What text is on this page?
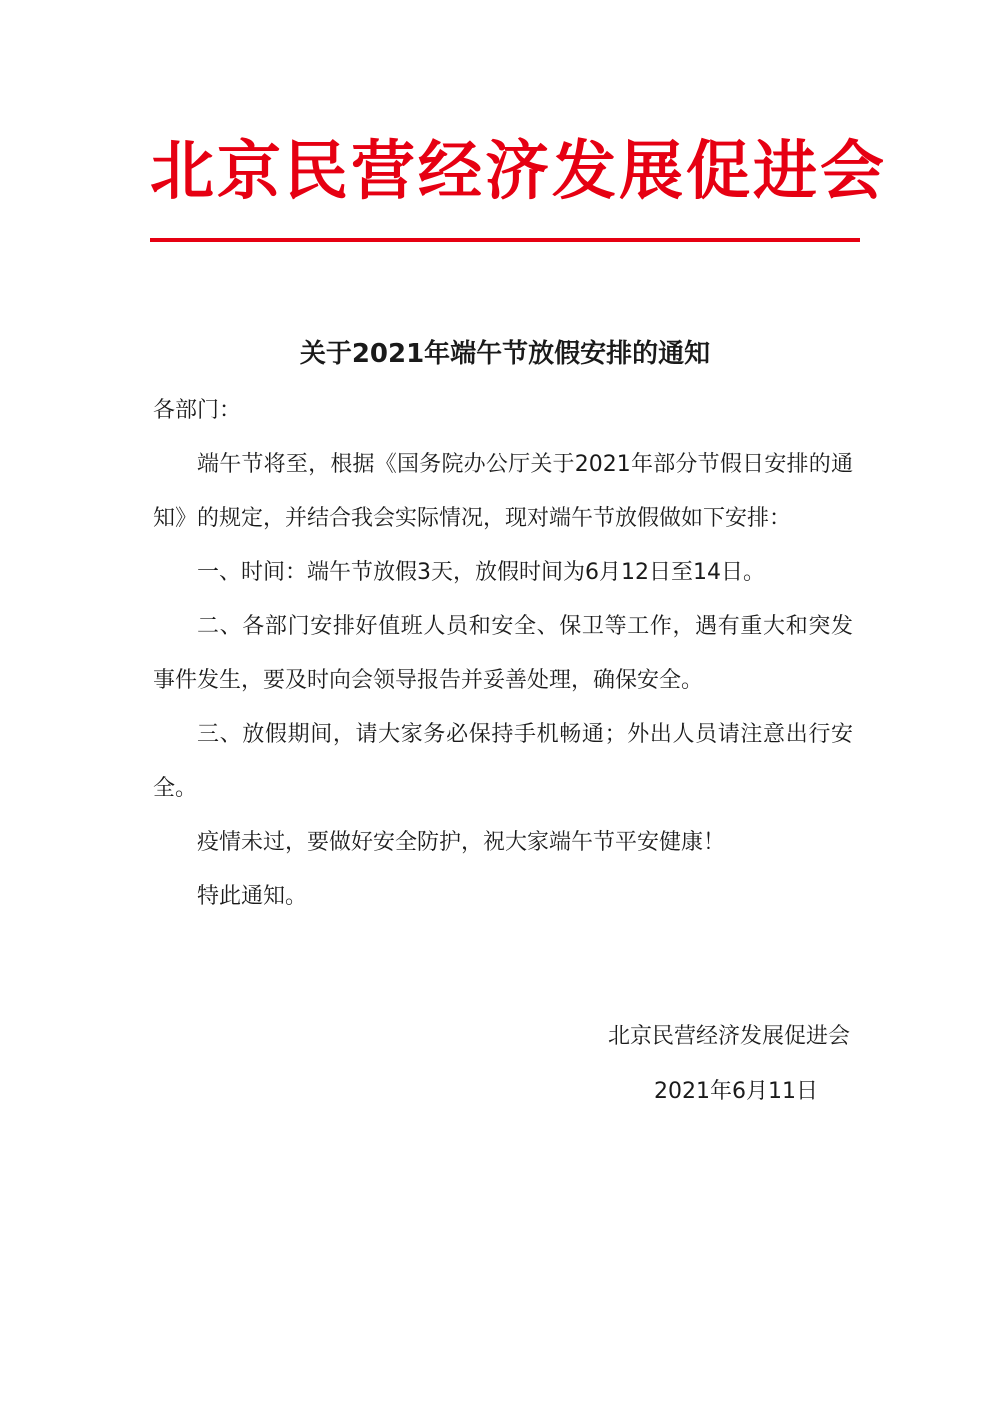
北京民营经济发展促进会
关于2021年端午节放假安排的通知
各部门：

端午节将至，根据《国务院办公厅关于2021年部分节假日安排的通知》的规定，并结合我会实际情况，现对端午节放假做如下安排：

一、时间：端午节放假3天，放假时间为6月12日至14日。

二、各部门安排好值班人员和安全、保卫等工作，遇有重大和突发事件发生，要及时向会领导报告并妥善处理，确保安全。

三、放假期间，请大家务必保持手机畅通；外出人员请注意出行安全。

疫情未过，要做好安全防护，祝大家端午节平安健康！

特此通知。

北京民营经济发展促进会
2021年6月11日
